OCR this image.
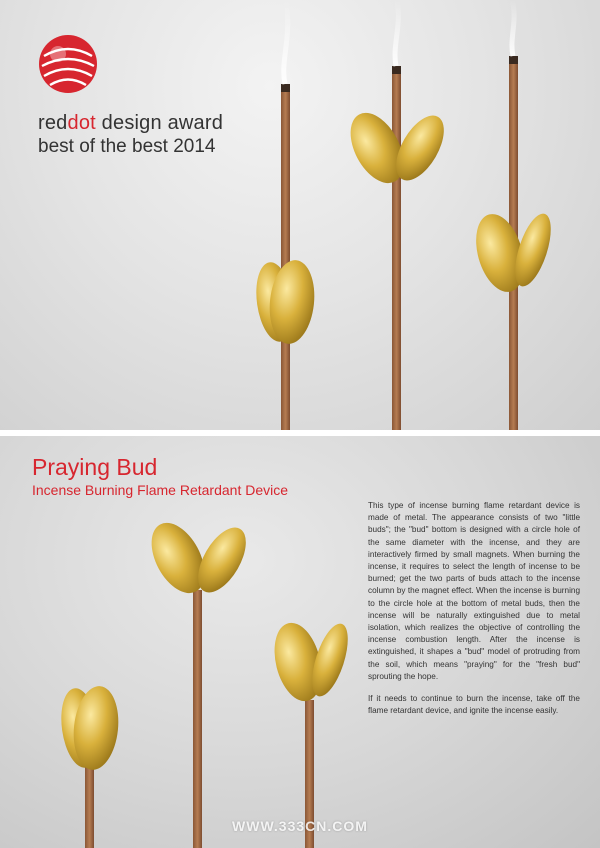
reddot design award
best of the best 2014
Praying Bud
Incense Burning Flame Retardant Device

This type of incense burning flame retardant device is made of metal. The appearance consists of two "little buds"; the "bud" bottom is designed with a circle hole of the same diameter with the incense, and they are interactively firmed by small magnets. When burning the incense, it requires to select the length of incense to be burned; get the two parts of buds attach to the incense column by the magnet effect. When the incense is burning to the circle hole at the bottom of metal buds, then the incense will be naturally extinguished due to metal isolation, which realizes the objective of controlling the incense combustion length. After the incense is extinguished, it shapes a "bud" model of protruding from the soil, which means "praying" for the "fresh bud" sprouting the hope.

If it needs to continue to burn the incense, take off the flame retardant device, and ignite the incense easily.

WWW.333CN.COM
